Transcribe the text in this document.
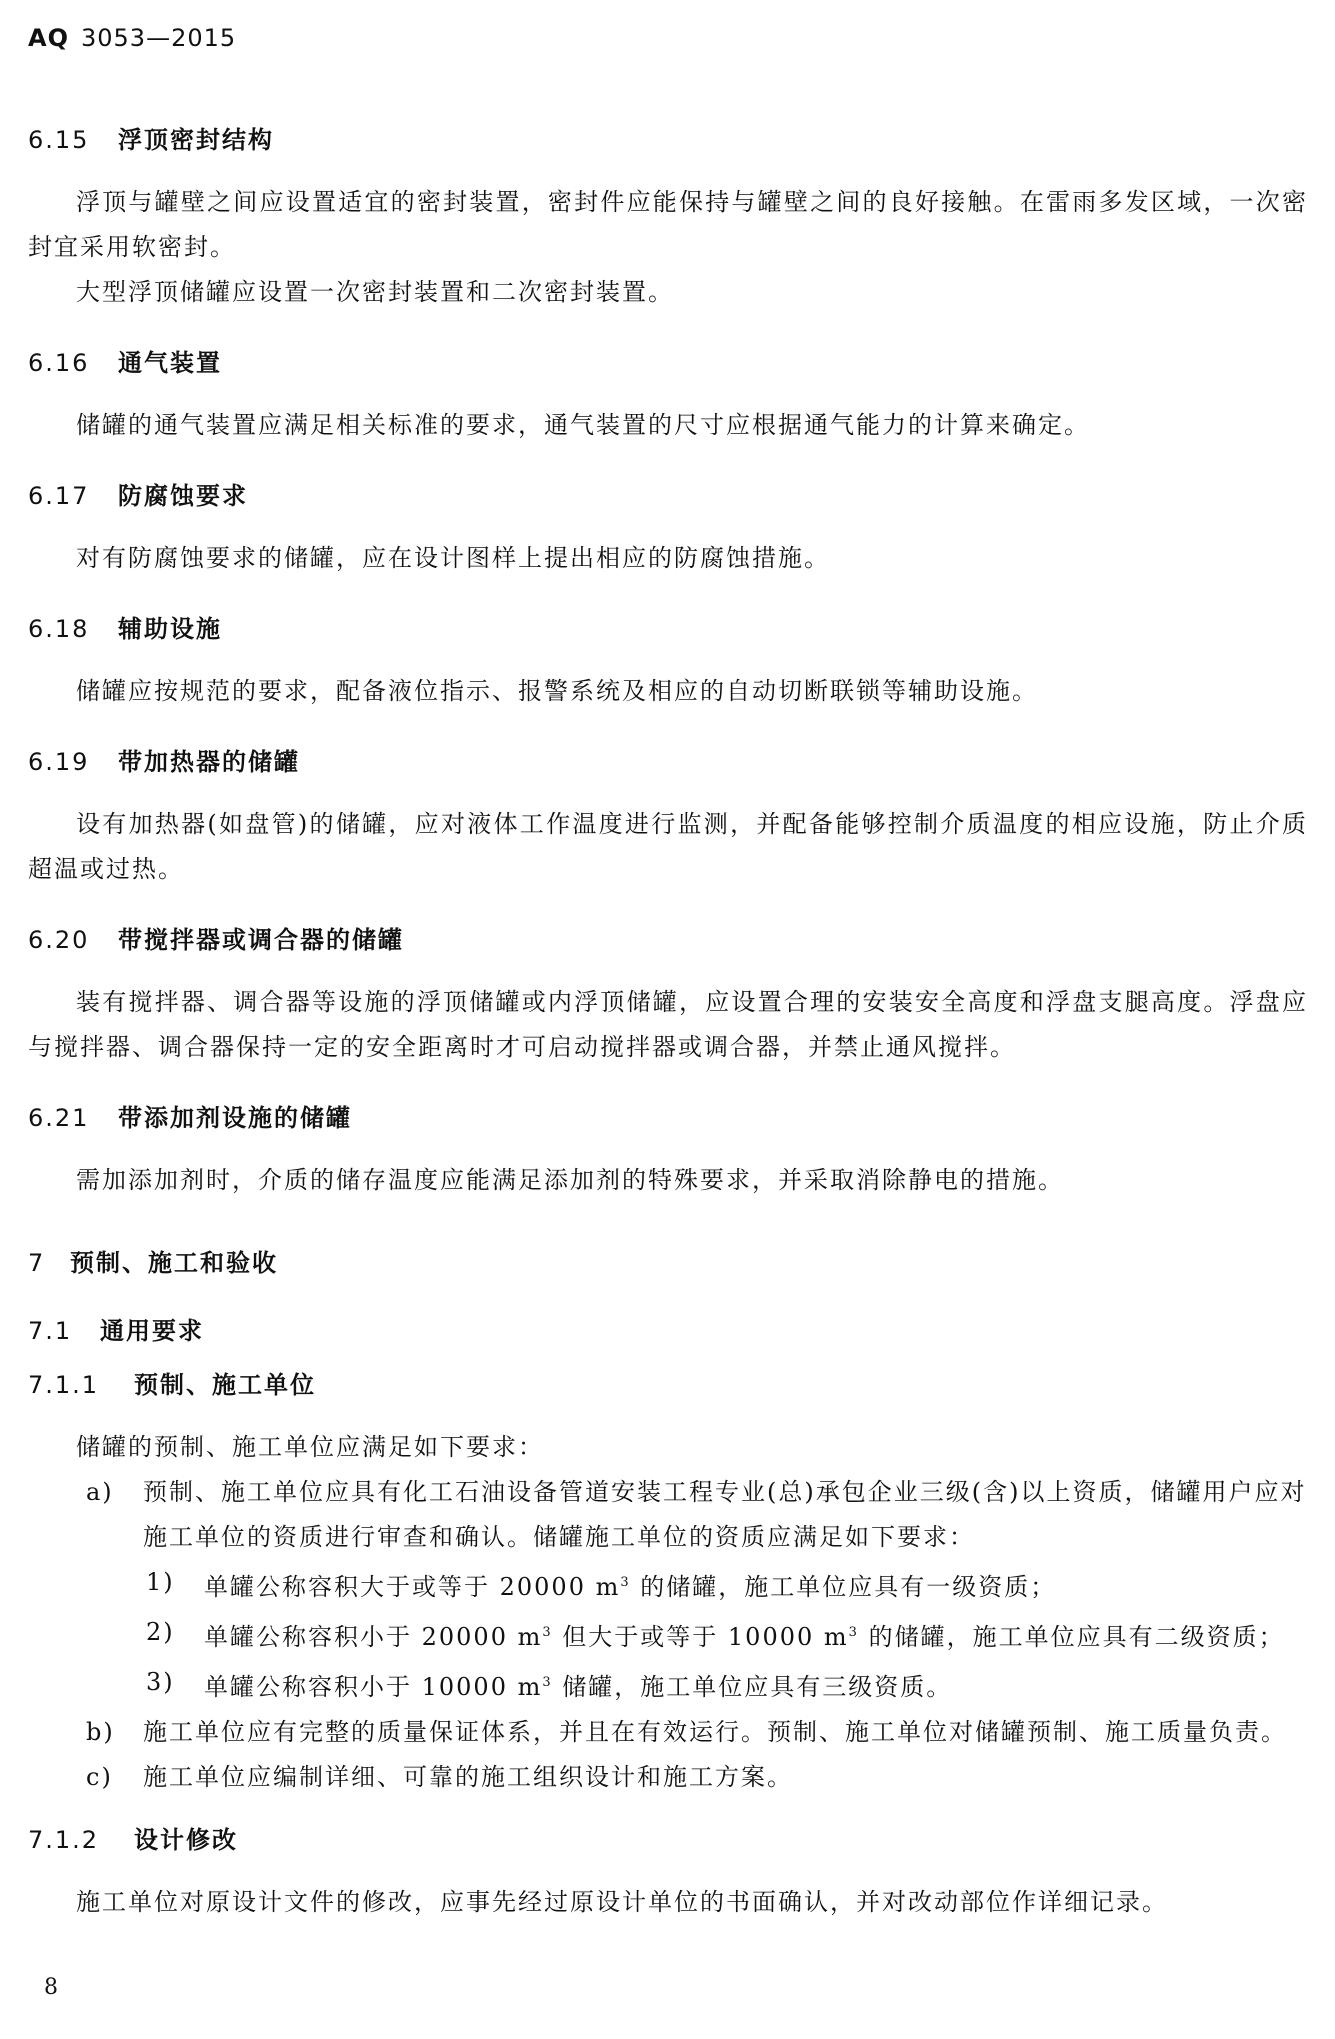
AQ 3053—2015
6.15 浮顶密封结构

浮顶与罐壁之间应设置适宜的密封装置，密封件应能保持与罐壁之间的良好接触。在雷雨多发区域，一次密封宜采用软密封。

大型浮顶储罐应设置一次密封装置和二次密封装置。

6.16 通气装置

储罐的通气装置应满足相关标准的要求，通气装置的尺寸应根据通气能力的计算来确定。

6.17 防腐蚀要求

对有防腐蚀要求的储罐，应在设计图样上提出相应的防腐蚀措施。

6.18 辅助设施

储罐应按规范的要求，配备液位指示、报警系统及相应的自动切断联锁等辅助设施。

6.19 带加热器的储罐

设有加热器(如盘管)的储罐，应对液体工作温度进行监测，并配备能够控制介质温度的相应设施，防止介质超温或过热。

6.20 带搅拌器或调合器的储罐

装有搅拌器、调合器等设施的浮顶储罐或内浮顶储罐，应设置合理的安装安全高度和浮盘支腿高度。浮盘应与搅拌器、调合器保持一定的安全距离时才可启动搅拌器或调合器，并禁止通风搅拌。

6.21 带添加剂设施的储罐

需加添加剂时，介质的储存温度应能满足添加剂的特殊要求，并采取消除静电的措施。

7 预制、施工和验收
7.1 通用要求
7.1.1 预制、施工单位

储罐的预制、施工单位应满足如下要求：

a) 预制、施工单位应具有化工石油设备管道安装工程专业(总)承包企业三级(含)以上资质，储罐用户应对施工单位的资质进行审查和确认。储罐施工单位的资质应满足如下要求：

1) 单罐公称容积大于或等于 20000 $m^3$ 的储罐，施工单位应具有一级资质；

2) 单罐公称容积小于 20000 $m^3$ 但大于或等于 10000 $m^3$ 的储罐，施工单位应具有二级资质；

3) 单罐公称容积小于 10000 $m^3$ 储罐，施工单位应具有三级资质。

b) 施工单位应有完整的质量保证体系，并且在有效运行。预制、施工单位对储罐预制、施工质量负责。

c) 施工单位应编制详细、可靠的施工组织设计和施工方案。

7.1.2 设计修改

施工单位对原设计文件的修改，应事先经过原设计单位的书面确认，并对改动部位作详细记录。

8
